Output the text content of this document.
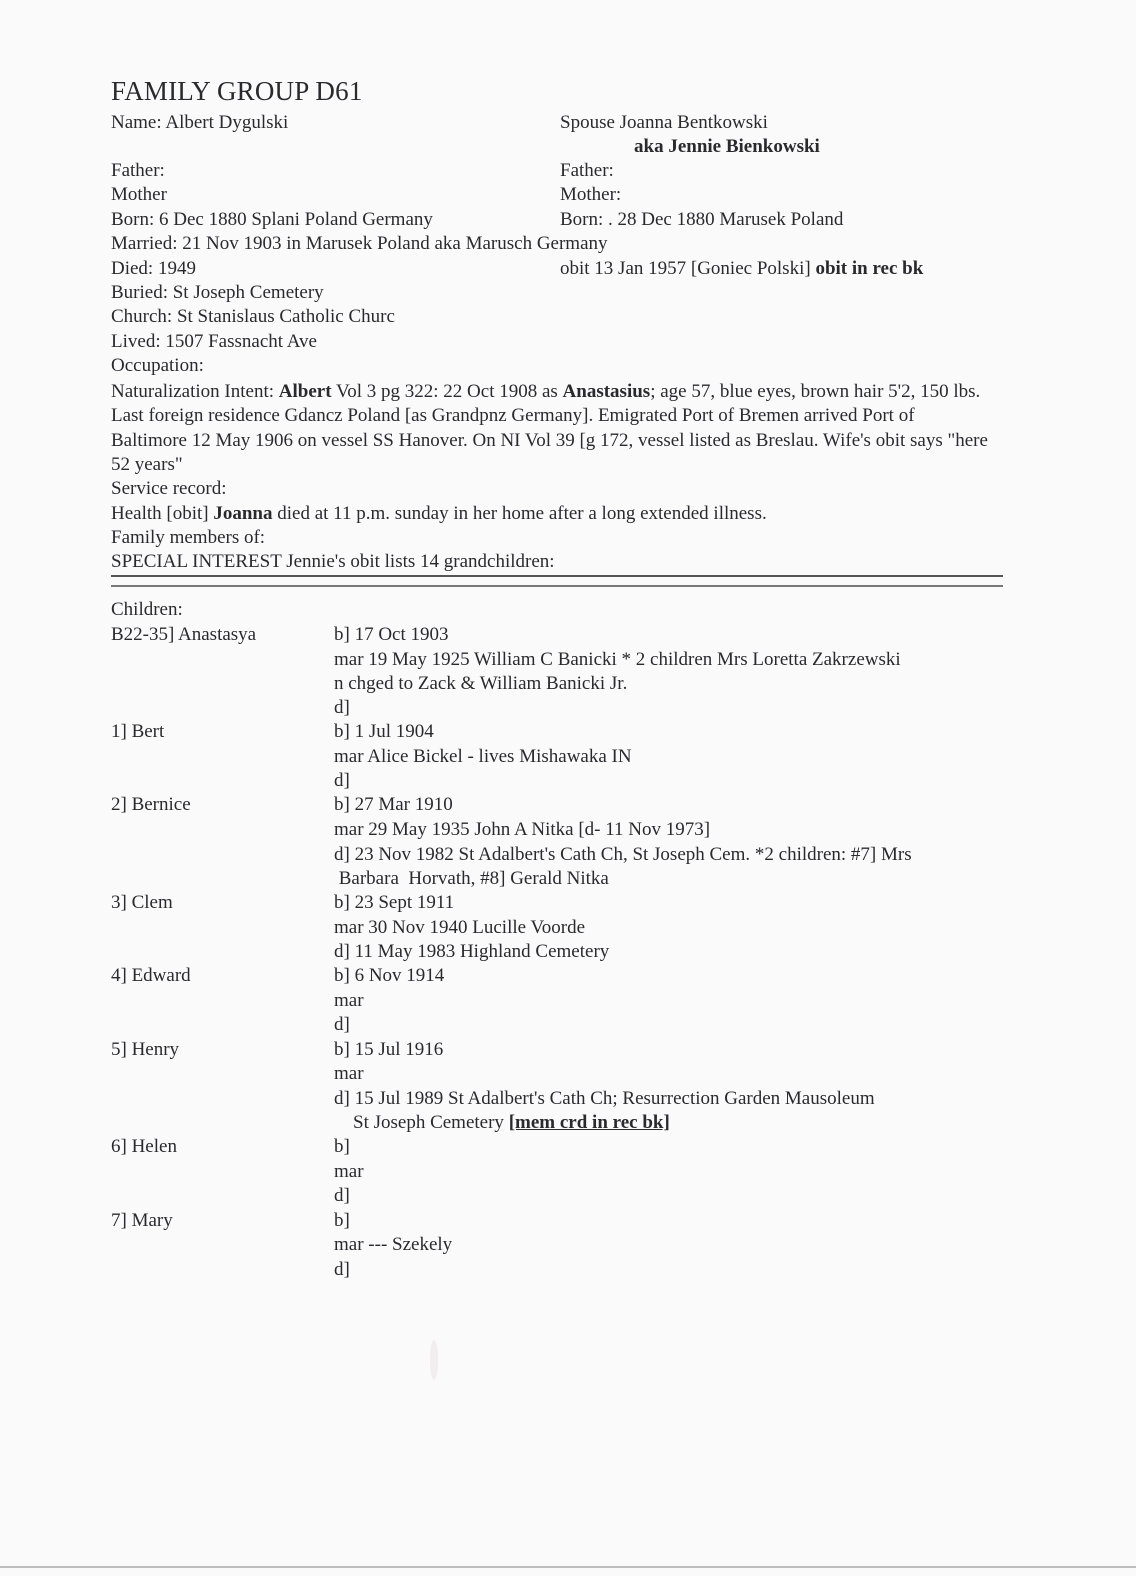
FAMILY GROUP D61
Name: Albert Dygulski	Spouse Joanna Bentkowski
aka Jennie Bienkowski
Father:	Father:
Mother	Mother:
Born: 6 Dec 1880 Splani Poland Germany	Born: . 28 Dec 1880 Marusek Poland
Married: 21 Nov 1903 in Marusek Poland aka Marusch Germany
Died: 1949	obit 13 Jan 1957 [Goniec Polski] obit in rec bk
Buried: St Joseph Cemetery
Church: St Stanislaus Catholic Churc
Lived: 1507 Fassnacht Ave
Occupation:
Naturalization Intent: Albert Vol 3 pg 322: 22 Oct 1908 as Anastasius; age 57, blue eyes, brown hair 5'2, 150 lbs. Last foreign residence Gdancz Poland [as Grandpnz Germany]. Emigrated Port of Bremen arrived Port of Baltimore 12 May 1906 on vessel SS Hanover. On NI Vol 39 [g 172, vessel listed as Breslau. Wife's obit says "here 52 years"
Service record:
Health [obit] Joanna died at 11 p.m. sunday in her home after a long extended illness.
Family members of:
SPECIAL INTEREST Jennie's obit lists 14 grandchildren:
Children:
B22-35] Anastasya	b] 17 Oct 1903
mar 19 May 1925 William C Banicki * 2 children Mrs Loretta Zakrzewski
n chged to Zack & William Banicki Jr.
d]
1] Bert	b] 1 Jul 1904
mar Alice Bickel - lives Mishawaka IN
d]
2] Bernice	b] 27 Mar 1910
mar 29 May 1935 John A Nitka [d- 11 Nov 1973]
d] 23 Nov 1982 St Adalbert's Cath Ch, St Joseph Cem. *2 children: #7] Mrs
Barbara  Horvath, #8] Gerald Nitka
3] Clem	b] 23 Sept 1911
mar 30 Nov 1940 Lucille Voorde
d] 11 May 1983 Highland Cemetery
4] Edward	b] 6 Nov 1914
mar
d]
5] Henry	b] 15 Jul 1916
mar
d] 15 Jul 1989 St Adalbert's Cath Ch; Resurrection Garden Mausoleum
St Joseph Cemetery [mem crd in rec bk]
6] Helen	b]
mar
d]
7] Mary	b]
mar --- Szekely
d]
